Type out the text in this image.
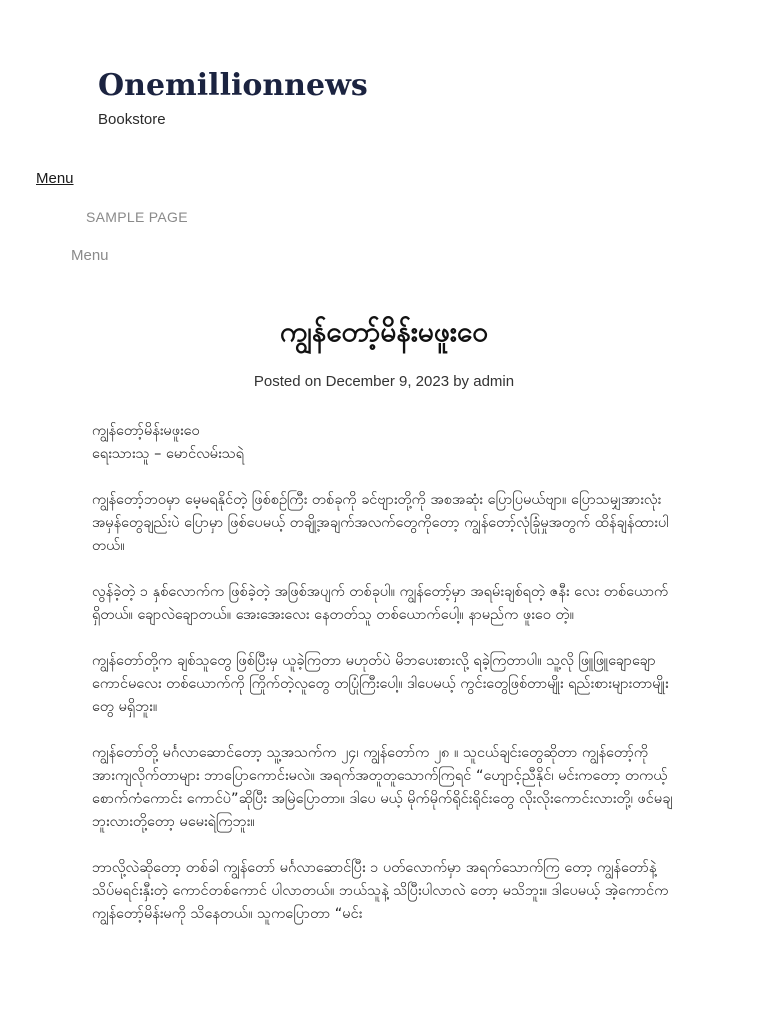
Onemillionnews

Bookstore

Menu
SAMPLE PAGE
Menu
ကျွန်တော့်မိန်းမဖူးဝေ
Posted on December 9, 2023 by admin

ကျွန်တော့်မိန်းမဖူးဝေ
ရေးသားသူ – မောင်လမ်းသရဲ

ကျွန်တော့်ဘဝမှာ မေ့မရနိုင်တဲ့ ဖြစ်စဉ်ကြီး တစ်ခုကို ခင်ဗျားတို့ကို အစအဆုံး ပြောပြမယ်ဗျာ။ ပြောသမျှအားလုံး အမှန်တွေချည်းပဲ ပြောမှာ ဖြစ်ပေမယ့် တချို့အချက်အလက်တွေကိုတော့ ကျွန်တော့်လုံခြုံမှုအတွက် ထိန်ချန်ထားပါတယ်။

လွန်ခဲ့တဲ့ ၁ နှစ်လောက်က ဖြစ်ခဲ့တဲ့ အဖြစ်အပျက် တစ်ခုပါ။ ကျွန်တော့်မှာ အရမ်းချစ်ရတဲ့ ဇနီး လေး တစ်ယောက် ရှိတယ်။ ချောလဲချောတယ်။ အေးအေးလေး နေတတ်သူ တစ်ယောက်ပေါ့။ နာမည်က ဖူးဝေ တဲ့။

ကျွန်တော်တို့က ချစ်သူတွေ ဖြစ်ပြီးမှ ယူခဲ့ကြတာ မဟုတ်ပဲ မိဘပေးစားလို့ ရခဲ့ကြတာပါ။ သူ့လို ဖြူဖြူချောချော ကောင်မလေး တစ်ယောက်ကို ကြိုက်တဲ့လူတွေ တပြုံကြီးပေါ့။ ဒါပေမယ့် ကွင်းတွေဖြစ်တာမျိုး ရည်းစားများတာမျိုးတွေ မရှိဘူး။

ကျွန်တော်တို့ မင်္ဂလာဆောင်တော့ သူ့အသက်က ၂၄၊ ကျွန်တော်က ၂၈ ။ သူငယ်ချင်းတွေဆိုတာ ကျွန်တော့်ကို အားကျလိုက်တာများ ဘာပြောကောင်းမလဲ။ အရက်အတူတူသောက်ကြရင် “ဟျောင့်ညီနိုင်၊ မင်းကတော့ တကယ့် စောက်ကံကောင်း ကောင်ပဲ”ဆိုပြီး အမြဲပြောတာ။ ဒါပေ မယ့် မိုက်မိုက်ရိုင်းရိုင်းတွေ လိုးလိုးကောင်းလားတို့၊ ဖင်မချဘူးလားတို့တော့ မမေးရဲကြဘူး။

ဘာလို့လဲဆိုတော့ တစ်ခါ ကျွန်တော် မင်္ဂလာဆောင်ပြီး ၁ ပတ်လောက်မှာ အရက်သောက်ကြ တော့ ကျွန်တော်နဲ့ သိပ်မရင်းနှီးတဲ့ ကောင်တစ်ကောင် ပါလာတယ်။ ဘယ်သူနဲ့ သိပြီးပါလာလဲ တော့ မသိဘူး။ ဒါပေမယ့် အဲ့ကောင်က ကျွန်တော့်မိန်းမကို သိနေတယ်။ သူကပြောတာ “မင်း
